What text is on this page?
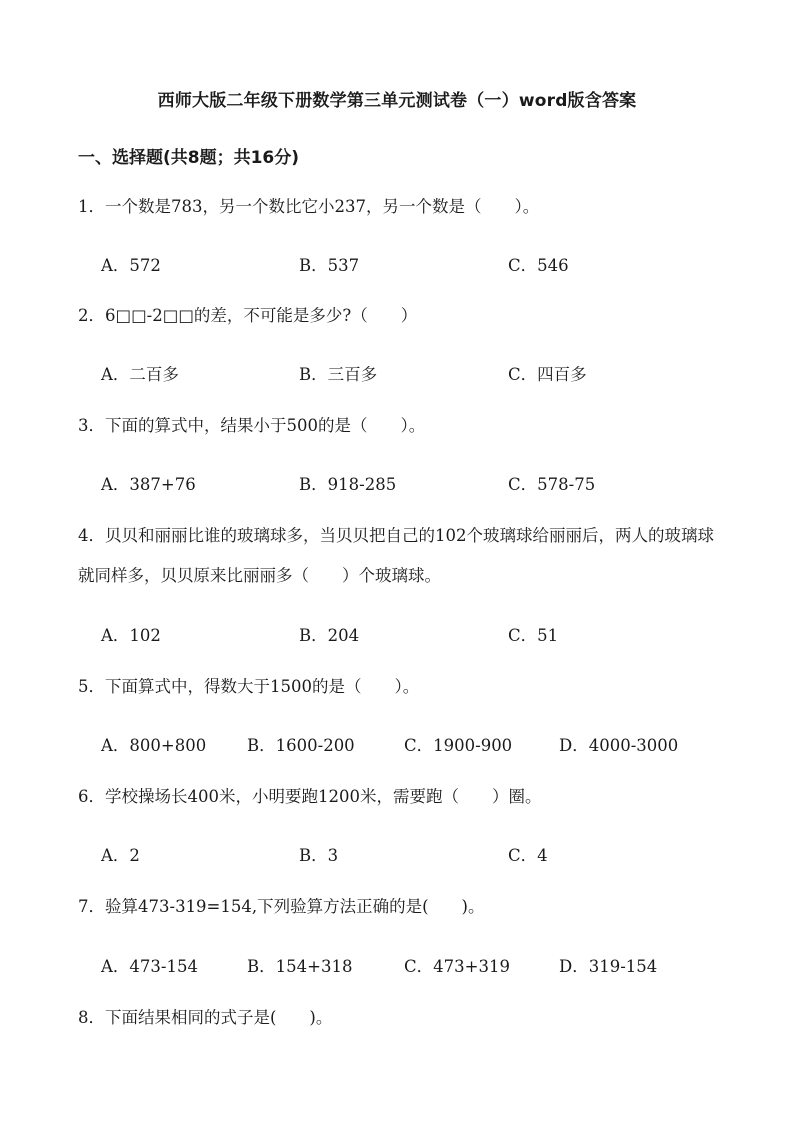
西师大版二年级下册数学第三单元测试卷（一）word版含答案
一、选择题(共8题；共16分)
1．一个数是783，另一个数比它小237，另一个数是（　　）。
A．572	B．537	C．546
2．6□□-2□□的差，不可能是多少?（　　）
A．二百多	B．三百多	C．四百多
3．下面的算式中，结果小于500的是（　　）。
A．387+76	B．918-285	C．578-75
4．贝贝和丽丽比谁的玻璃球多，当贝贝把自己的102个玻璃球给丽丽后，两人的玻璃球就同样多，贝贝原来比丽丽多（　　）个玻璃球。
A．102	B．204	C．51
5．下面算式中，得数大于1500的是（　　）。
A．800+800 B．1600-200	C．1900-900	D．4000-3000
6．学校操场长400米，小明要跑1200米，需要跑（　　）圈。
A．2	B．3	C．4
7．验算473-319=154,下列验算方法正确的是(　　)。
A．473-154	B．154+318	C．473+319	D．319-154
8．下面结果相同的式子是(　　)。
